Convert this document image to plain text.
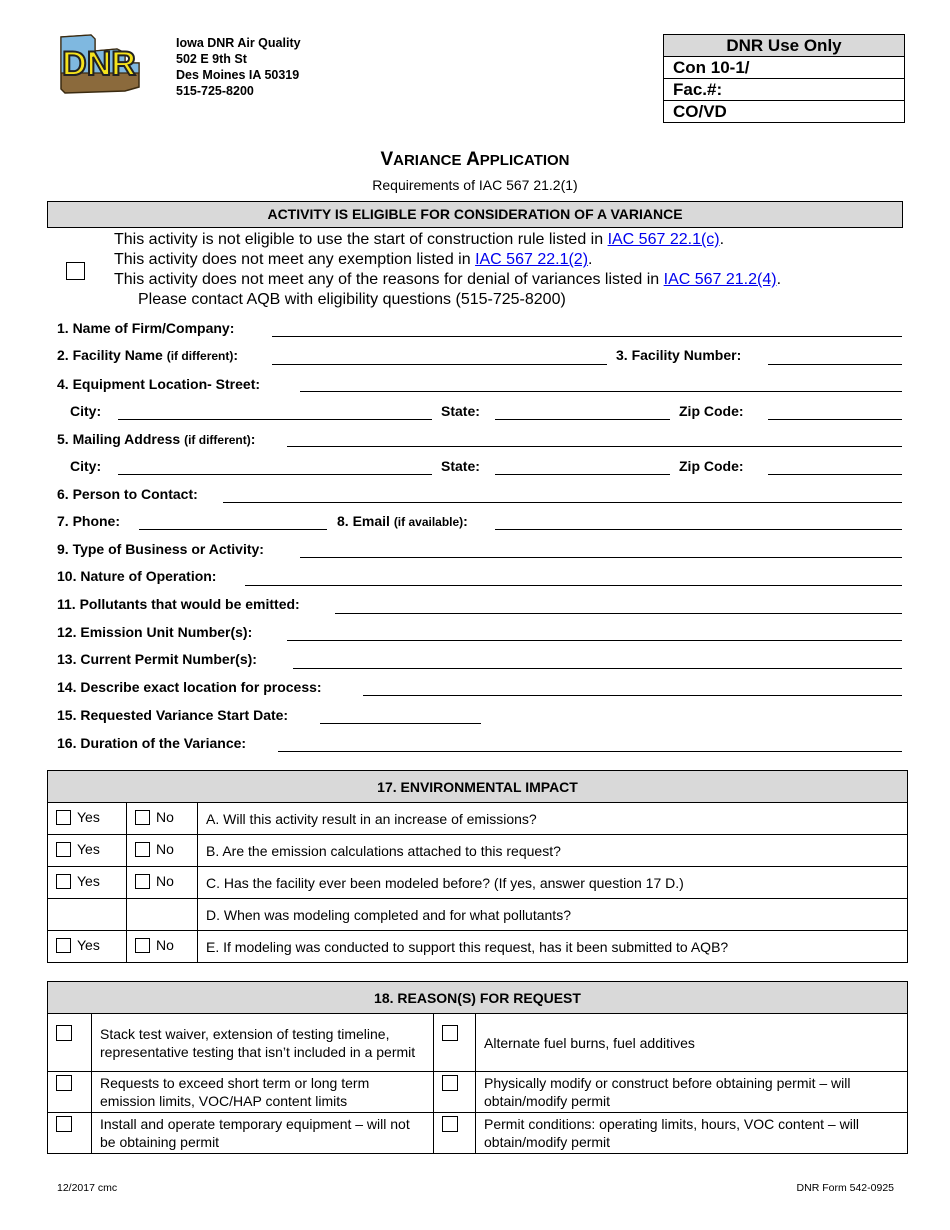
DNR
Iowa DNR Air Quality
502 E 9th St
Des Moines IA 50319
515-725-8200
DNR Use Only
Con 10-1/
Fac.#:
CO/VD
VARIANCE APPLICATION
Requirements of IAC 567 21.2(1)
ACTIVITY IS ELIGIBLE FOR CONSIDERATION OF A VARIANCE
This activity is not eligible to use the start of construction rule listed in IAC 567 22.1(c).
This activity does not meet any exemption listed in IAC 567 22.1(2).
This activity does not meet any of the reasons for denial of variances listed in IAC 567 21.2(4).
Please contact AQB with eligibility questions (515-725-8200)
1. Name of Firm/Company:
2. Facility Name (if different):	3. Facility Number:
4. Equipment Location- Street:
City:	State:	Zip Code:
5. Mailing Address (if different):
City:	State:	Zip Code:
6. Person to Contact:
7. Phone:	8. Email (if available):
9. Type of Business or Activity:
10. Nature of Operation:
11. Pollutants that would be emitted:
12. Emission Unit Number(s):
13. Current Permit Number(s):
14. Describe exact location for process:
15. Requested Variance Start Date:
16. Duration of the Variance:
17. ENVIRONMENTAL IMPACT		

Yes	No	A. Will this activity result in an increase of emissions?

Yes	No	B. Are the emission calculations attached to this request?

Yes	No	C. Has the facility ever been modeled before? (If yes, answer question 17 D.)
		D. When was modeling completed and for what pollutants?

Yes	No	E. If modeling was conducted to support this request, has it been submitted to AQB?
18. REASON(S) FOR REQUEST			
	Stack test waiver, extension of testing timeline, representative testing that isn’t included in a permit		Alternate fuel burns, fuel additives
	Requests to exceed short term or long term emission limits, VOC/HAP content limits		Physically modify or construct before obtaining permit – will obtain/modify permit
	Install and operate temporary equipment – will not be obtaining permit		Permit conditions: operating limits, hours, VOC content – will obtain/modify permit
12/2017 cmc	DNR Form 542-0925
